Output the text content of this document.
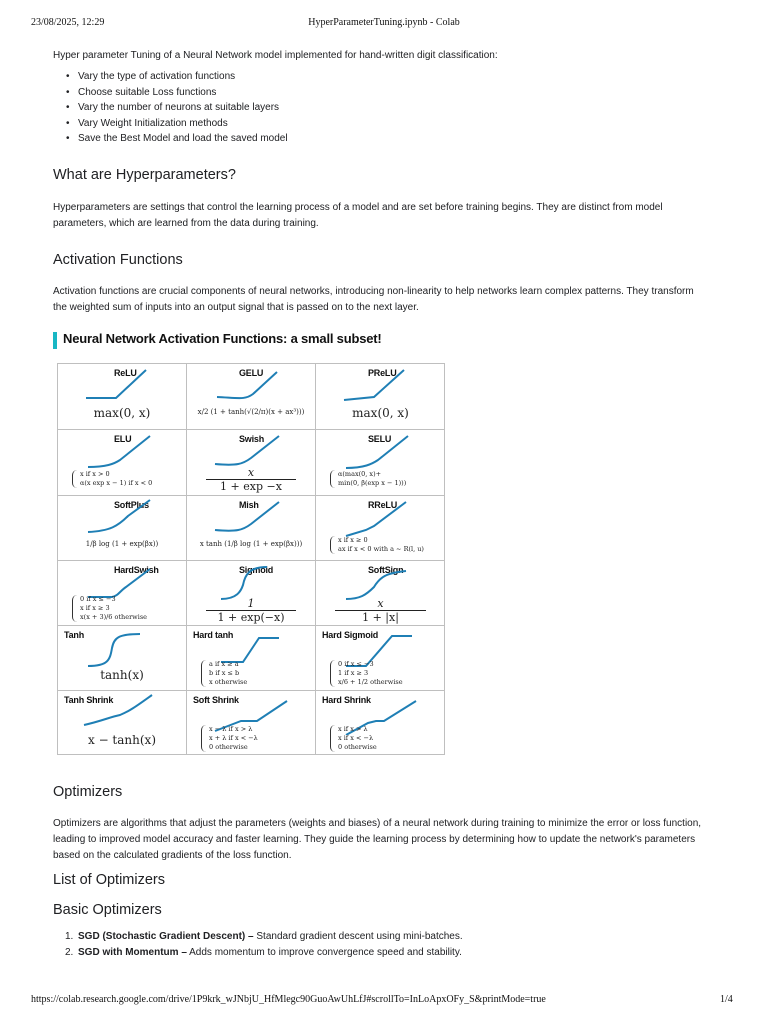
23/08/2025, 12:29	HyperParameterTuning.ipynb - Colab
Hyper parameter Tuning of a Neural Network model implemented for hand-written digit classification:
• Vary the type of activation functions
• Choose suitable Loss functions
• Vary the number of neurons at suitable layers
• Vary Weight Initialization methods
• Save the Best Model and load the saved model
What are Hyperparameters?
Hyperparameters are settings that control the learning process of a model and are set before training begins. They are distinct from model parameters, which are learned from the data during training.
Activation Functions
Activation functions are crucial components of neural networks, introducing non-linearity to help networks learn complex patterns. They transform the weighted sum of inputs into an output signal that is passed on to the next layer.
Neural Network Activation Functions: a small subset!
ReLU
max(0, x)
GELU
x/2 (1 + tanh(√(2/π)(x + ax³)))
PReLU
max(0, x)
ELU
x if x > 0
α(x exp x − 1) if x < 0
Swish
x
1 + exp −x
SELU
α(max(0, x)+
min(0, β(exp x − 1)))
SoftPlus
1/β log (1 + exp(βx))
Mish
x tanh (1/β log (1 + exp(βx)))
RReLU
x if x ≥ 0
ax if x < 0 with a ~ R(l, u)
HardSwish
0 if x ≤ −3
x if x ≥ 3
x(x + 3)/6 otherwise
Sigmoid
1
1 + exp(−x)
SoftSign
x
1 + |x|
Tanh
tanh(x)
Hard tanh
a if x ≥ a
b if x ≤ b
x otherwise
Hard Sigmoid
0 if x ≤ −3
1 if x ≥ 3
x/6 + 1/2 otherwise
Tanh Shrink
x − tanh(x)
Soft Shrink
x − λ if x > λ
x + λ if x < −λ
0 otherwise
Hard Shrink
x if x > λ
x if x < −λ
0 otherwise
Optimizers
Optimizers are algorithms that adjust the parameters (weights and biases) of a neural network during training to minimize the error or loss function, leading to improved model accuracy and faster learning. They guide the learning process by determining how to update the network's parameters based on the calculated gradients of the loss function.
List of Optimizers
Basic Optimizers
1. SGD (Stochastic Gradient Descent) – Standard gradient descent using mini-batches.
2. SGD with Momentum – Adds momentum to improve convergence speed and stability.
https://colab.research.google.com/drive/1P9krk_wJNbjU_HfMlegc90GuoAwUhLfJ#scrollTo=InLoApxOFy_S&printMode=true	1/4
